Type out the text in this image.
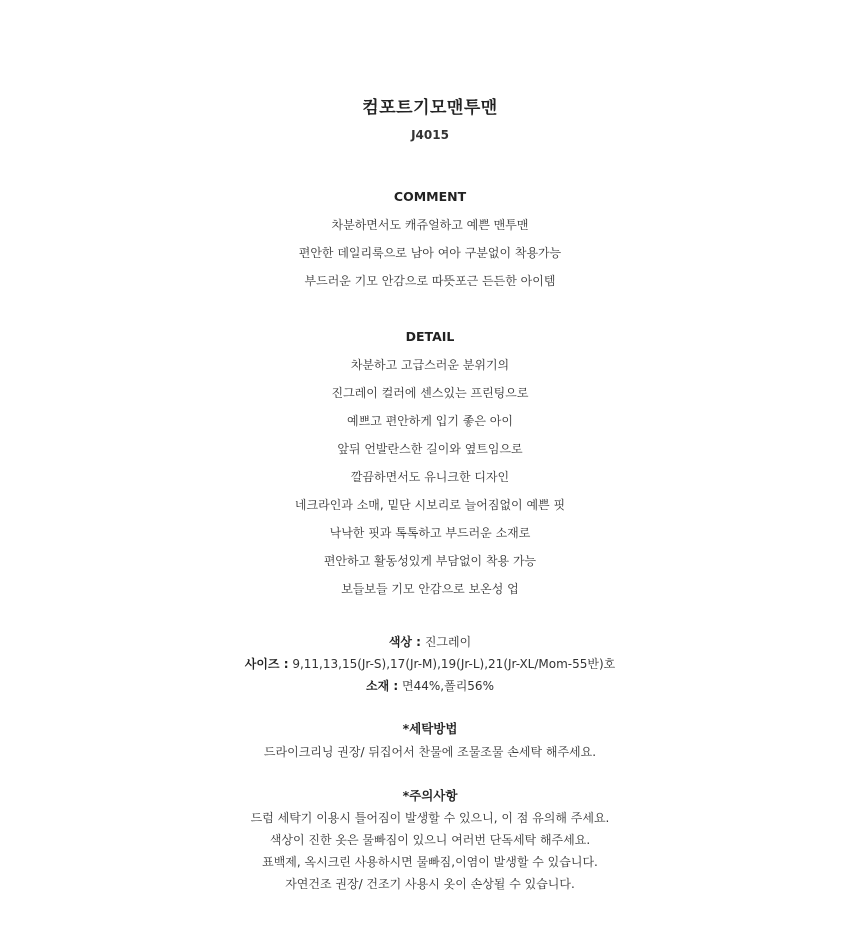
컴포트기모맨투맨
J4015
COMMENT
차분하면서도 캐쥬얼하고 예쁜 맨투맨
편안한 데일리룩으로 남아 여아 구분없이 착용가능
부드러운 기모 안감으로 따뜻포근 든든한 아이템
DETAIL
차분하고 고급스러운 분위기의
진그레이 컬러에 센스있는 프린팅으로
예쁘고 편안하게 입기 좋은 아이
앞뒤 언발란스한 길이와 옆트임으로
깔끔하면서도 유니크한 디자인
네크라인과 소매, 밑단 시보리로 늘어짐없이 예쁜 핏
낙낙한 핏과 톡톡하고 부드러운 소재로
편안하고 활동성있게 부담없이 착용 가능
보들보들 기모 안감으로 보온성 업
색상 : 진그레이
사이즈 : 9,11,13,15(Jr-S),17(Jr-M),19(Jr-L),21(Jr-XL/Mom-55반)호
소재 : 면44%,폴리56%
*세탁방법
드라이크리닝 권장/ 뒤집어서 찬물에 조물조물 손세탁 해주세요.
*주의사항
드럼 세탁기 이용시 틀어짐이 발생할 수 있으니, 이 점 유의해 주세요.
색상이 진한 옷은 물빠짐이 있으니 여러번 단독세탁 해주세요.
표백제, 옥시크린 사용하시면 물빠짐,이염이 발생할 수 있습니다.
자연건조 권장/ 건조기 사용시 옷이 손상될 수 있습니다.
